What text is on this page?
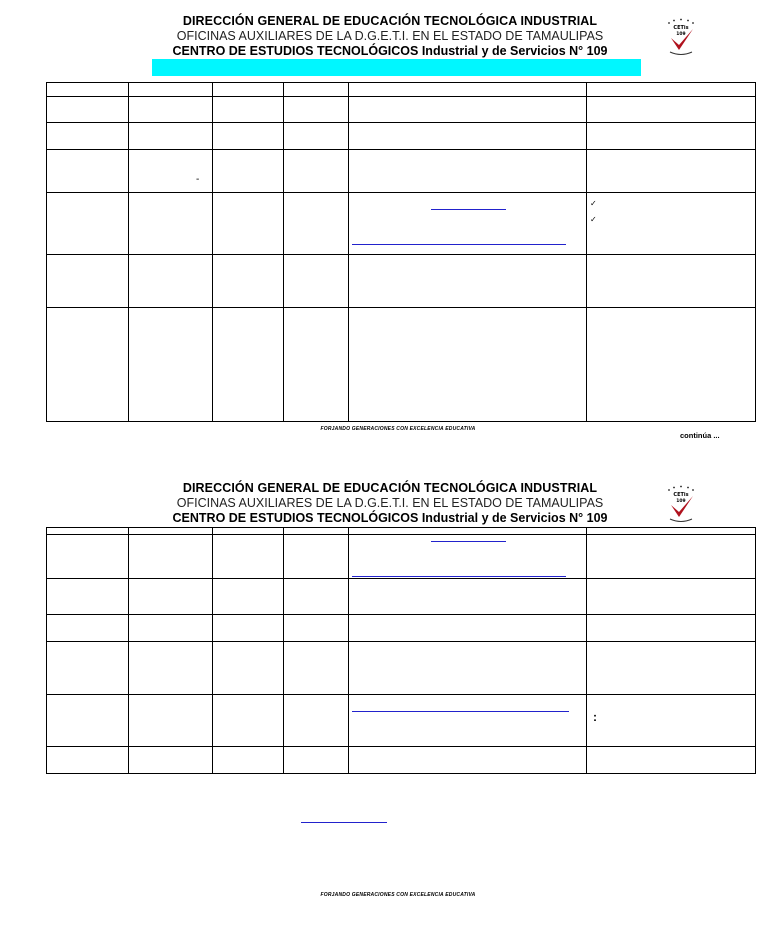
DIRECCIÓN GENERAL DE EDUCACIÓN TECNOLÓGICA INDUSTRIAL
OFICINAS AUXILIARES DE LA D.G.E.T.I. EN EL ESTADO DE TAMAULIPAS
CENTRO DE ESTUDIOS TECNOLÓGICOS Industrial y de Servicios N° 109
CETis
109

	-				

					✓
✓

FORJANDO GENERACIONES CON EXCELENCIA EDUCATIVA
continúa ...
DIRECCIÓN GENERAL DE EDUCACIÓN TECNOLÓGICA INDUSTRIAL
OFICINAS AUXILIARES DE LA D.G.E.T.I. EN EL ESTADO DE TAMAULIPAS
CENTRO DE ESTUDIOS TECNOLÓGICOS Industrial y de Servicios N° 109
CETis
109

					:

FORJANDO GENERACIONES CON EXCELENCIA EDUCATIVA
